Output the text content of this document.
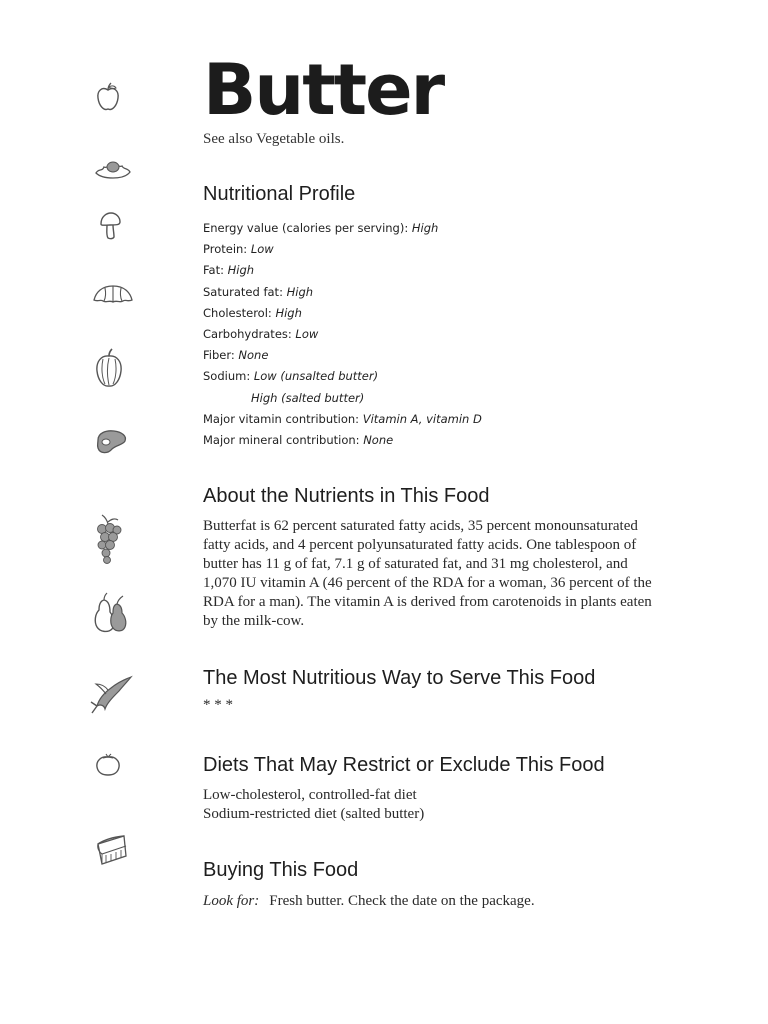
Butter

See also Vegetable oils.

Nutritional Profile
Energy value (calories per serving): High
Protein: Low
Fat: High
Saturated fat: High
Cholesterol: High
Carbohydrates: Low
Fiber: None
Sodium: Low (unsalted butter)
High (salted butter)
Major vitamin contribution: Vitamin A, vitamin D
Major mineral contribution: None
About the Nutrients in This Food

Butterfat is 62 percent saturated fatty acids, 35 percent monounsaturated fatty acids, and 4 percent polyunsaturated fatty acids. One tablespoon of butter has 11 g of fat, 7.1 g of saturated fat, and 31 mg cholesterol, and 1,070 IU vitamin A (46 percent of the RDA for a woman, 36 percent of the RDA for a man). The vitamin A is derived from carotenoids in plants eaten by the milk-cow.

The Most Nutritious Way to Serve This Food

* * *

Diets That May Restrict or Exclude This Food

Low-cholesterol, controlled-fat diet

Sodium-restricted diet (salted butter)

Buying This Food

Look for: Fresh butter. Check the date on the package.
